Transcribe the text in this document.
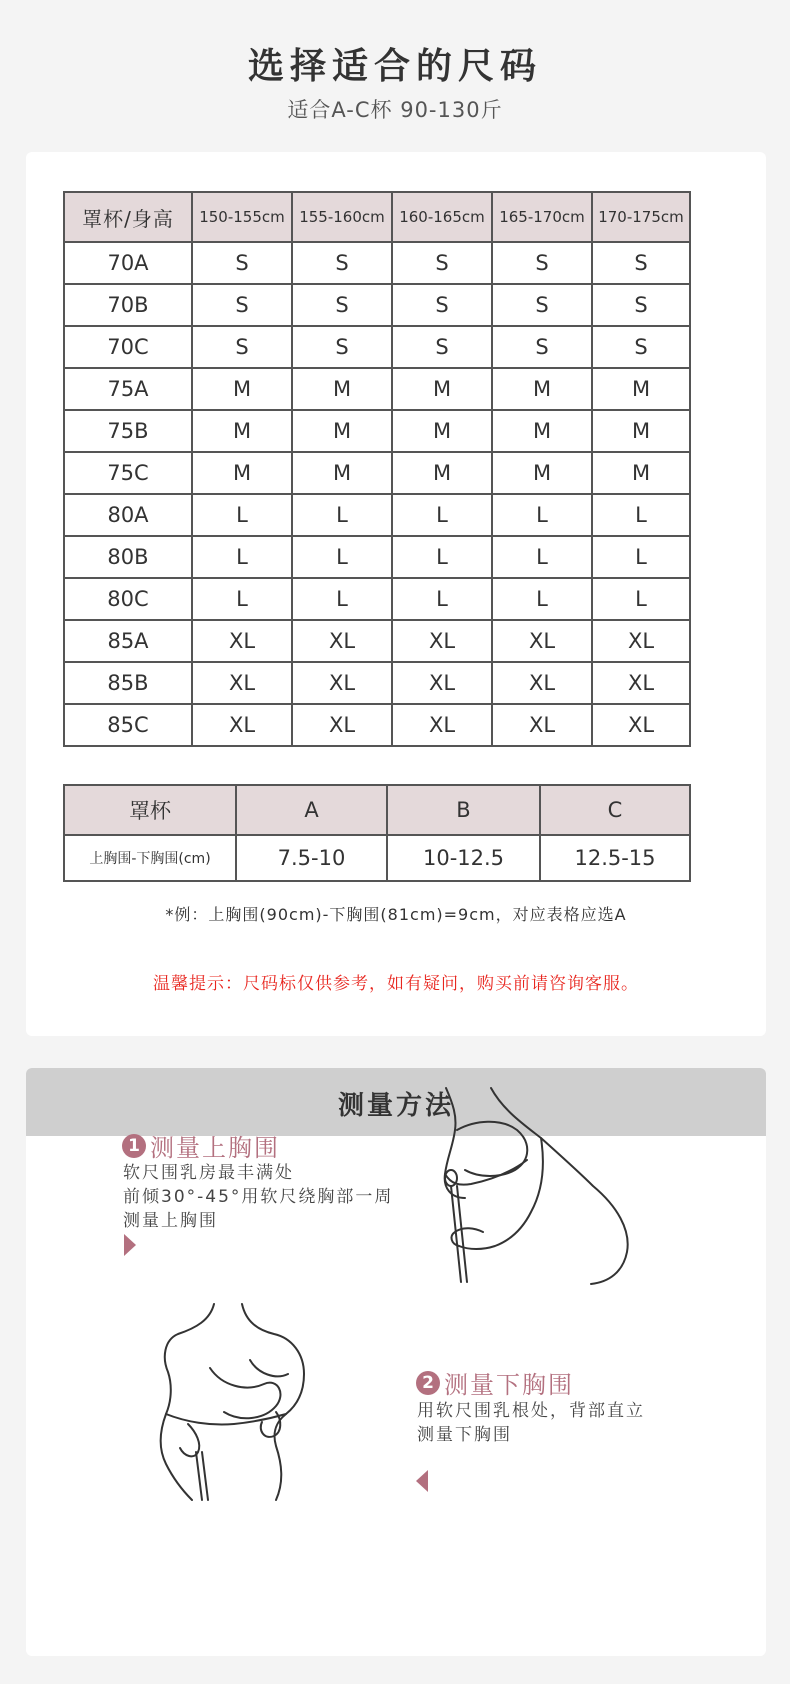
选择适合的尺码
适合A-C杯 90-130斤
罩杯/身高	150-155cm	155-160cm	160-165cm	165-170cm	170-175cm
70A	S	S	S	S	S
70B	S	S	S	S	S
70C	S	S	S	S	S
75A	M	M	M	M	M
75B	M	M	M	M	M
75C	M	M	M	M	M
80A	L	L	L	L	L
80B	L	L	L	L	L
80C	L	L	L	L	L
85A	XL	XL	XL	XL	XL
85B	XL	XL	XL	XL	XL
85C	XL	XL	XL	XL	XL
罩杯	A	B	C
上胸围-下胸围(cm)	7.5-10	10-12.5	12.5-15
*例：上胸围(90cm)-下胸围(81cm)=9cm，对应表格应选A
温馨提示：尺码标仅供参考，如有疑问，购买前请咨询客服。
测量方法
1 测量上胸围
软尺围乳房最丰满处
前倾30°-45°用软尺绕胸部一周
测量上胸围
2 测量下胸围
用软尺围乳根处，背部直立
测量下胸围
